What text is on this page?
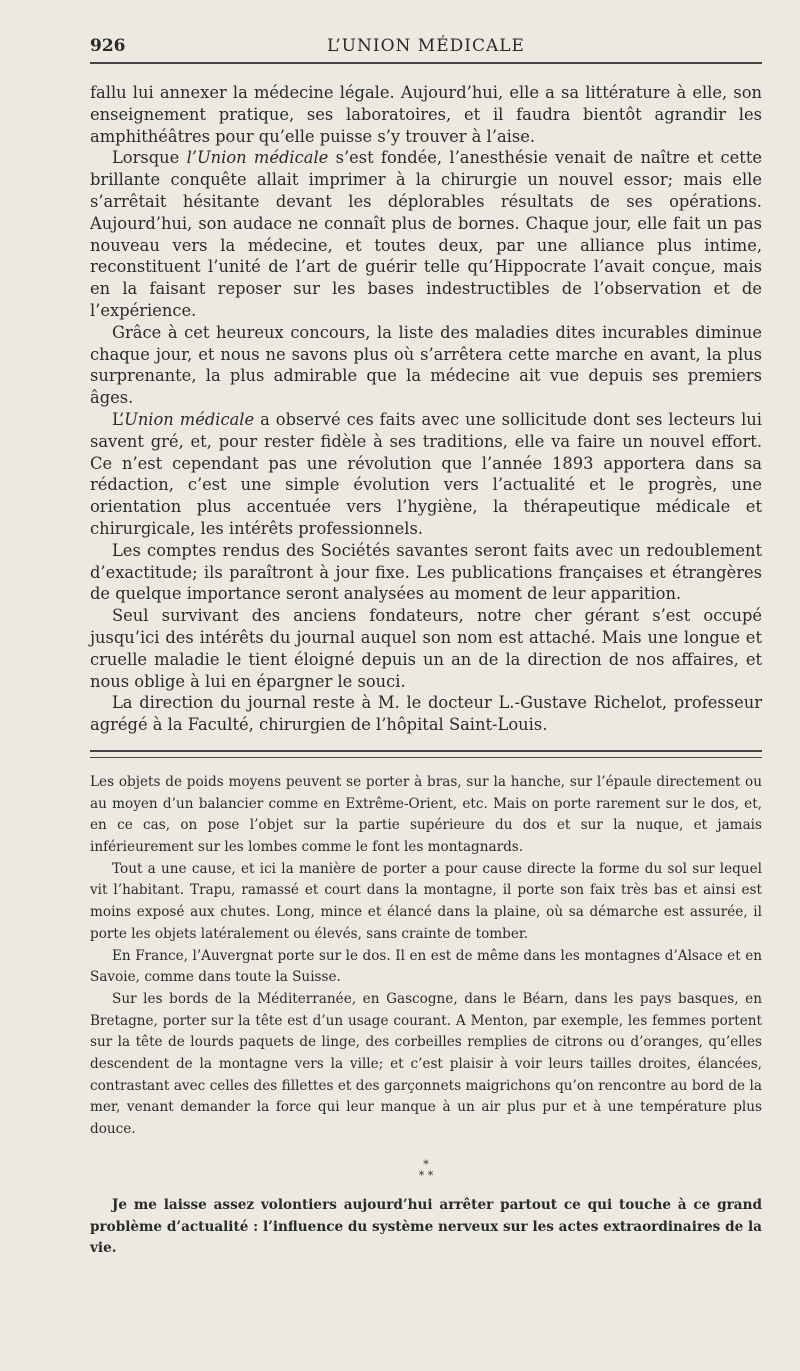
926	L’UNION MÉDICALE

fallu lui annexer la médecine légale. Aujourd’hui, elle a sa littérature à elle, son enseignement pratique, ses laboratoires, et il faudra bientôt agrandir les amphithéâtres pour qu’elle puisse s’y trouver à l’aise.

Lorsque l’Union médicale s’est fondée, l’anesthésie venait de naître et cette brillante conquête allait imprimer à la chirurgie un nouvel essor; mais elle s’arrêtait hésitante devant les déplorables résultats de ses opérations. Aujourd’hui, son audace ne connaît plus de bornes. Chaque jour, elle fait un pas nouveau vers la médecine, et toutes deux, par une alliance plus intime, reconstituent l’unité de l’art de guérir telle qu’Hippocrate l’avait conçue, mais en la faisant reposer sur les bases indestructibles de l’observation et de l’expérience.

Grâce à cet heureux concours, la liste des maladies dites incurables diminue chaque jour, et nous ne savons plus où s’arrêtera cette marche en avant, la plus surprenante, la plus admirable que la médecine ait vue depuis ses premiers âges.

L’Union médicale a observé ces faits avec une sollicitude dont ses lecteurs lui savent gré, et, pour rester fidèle à ses traditions, elle va faire un nouvel effort. Ce n’est cependant pas une révolution que l’année 1893 apportera dans sa rédaction, c’est une simple évolution vers l’actualité et le progrès, une orientation plus accentuée vers l’hygiène, la thérapeutique médicale et chirurgicale, les intérêts professionnels.

Les comptes rendus des Sociétés savantes seront faits avec un redoublement d’exactitude; ils paraîtront à jour fixe. Les publications françaises et étrangères de quelque importance seront analysées au moment de leur apparition.

Seul survivant des anciens fondateurs, notre cher gérant s’est occupé jusqu’ici des intérêts du journal auquel son nom est attaché. Mais une longue et cruelle maladie le tient éloigné depuis un an de la direction de nos affaires, et nous oblige à lui en épargner le souci.

La direction du journal reste à M. le docteur L.-Gustave Richelot, professeur agrégé à la Faculté, chirurgien de l’hôpital Saint-Louis.

Les objets de poids moyens peuvent se porter à bras, sur la hanche, sur l’épaule directement ou au moyen d’un balancier comme en Extrême-Orient, etc. Mais on porte rarement sur le dos, et, en ce cas, on pose l’objet sur la partie supérieure du dos et sur la nuque, et jamais inférieurement sur les lombes comme le font les montagnards.

Tout a une cause, et ici la manière de porter a pour cause directe la forme du sol sur lequel vit l’habitant. Trapu, ramassé et court dans la montagne, il porte son faix très bas et ainsi est moins exposé aux chutes. Long, mince et élancé dans la plaine, où sa démarche est assurée, il porte les objets latéralement ou élevés, sans crainte de tomber.

En France, l’Auvergnat porte sur le dos. Il en est de même dans les montagnes d’Alsace et en Savoie, comme dans toute la Suisse.

Sur les bords de la Méditerranée, en Gascogne, dans le Béarn, dans les pays basques, en Bretagne, porter sur la tête est d’un usage courant. A Menton, par exemple, les femmes portent sur la tête de lourds paquets de linge, des corbeilles remplies de citrons ou d’oranges, qu’elles descendent de la montagne vers la ville; et c’est plaisir à voir leurs tailles droites, élancées, contrastant avec celles des fillettes et des garçonnets maigrichons qu’on rencontre au bord de la mer, venant demander la force qui leur manque à un air plus pur et à une température plus douce.

*
* *

Je me laisse assez volontiers aujourd’hui arrêter partout ce qui touche à ce grand problème d’actualité : l’influence du système nerveux sur les actes extraordinaires de la vie.
